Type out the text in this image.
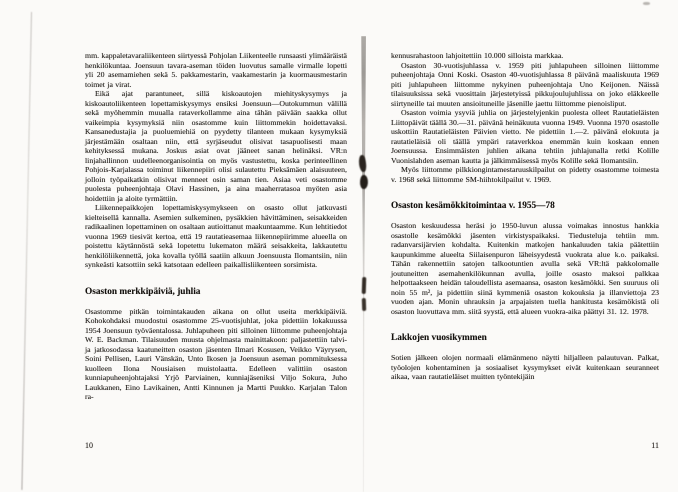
mm. kappaletavaraliikenteen siirtyessä Pohjolan Liikenteelle runsaasti ylimääräistä henkilökuntaa. Joensuun tavara-aseman töiden luovutus samalle virmalle lopetti yli 20 asemamiehen sekä 5. pakkamestarin, vaakamestarin ja kuormausmestarin toimet ja virat.

Eikä ajat parantuneet, sillä kiskoautojen miehityskysymys ja kiskoautoliikenteen lopettamiskysymys ensiksi Joensuun—Outokummun välillä sekä myöhemmin muualla rataverkollamme aina tähän päivään saakka ollut vaikeimpia kysymyksiä niin osastomme kuin liittommekin hoidettavaksi. Kansanedustajia ja puoluemiehiä on pyydetty tilanteen mukaan kysymyksiä järjestämään osaltaan niin, että syrjäseudut olisivat tasapuolisesti maan kehityksessä mukana. Joskus asiat ovat jääneet sanan helinäksi. VR:n linjahallinnon uudelleenorganisointia on myös vastustettu, koska perinteellinen Pohjois-Karjalassa toiminut liikennepiiri olisi sulautettu Pieksämäen alaisuuteen, jolloin työpaikatkin olisivat menneet osin saman tien. Asiaa veti osastomme puolesta puheenjohtaja Olavi Hassinen, ja aina maaherratasoa myöten asia hoidettiin ja aloite tyrmättiin.

Liikennepaikkojen lopettamiskysymykseen on osasto ollut jatkuvasti kielteisellä kannalla. Asemien sulkeminen, pysäkkien hävittäminen, seisakkeiden radikaalinen lopettaminen on osaltaan autioittanut maakuntaamme. Kun lehtitiedot vuonna 1969 tiesivät kertoa, että 19 rautatieasemaa liikennepiirimme alueella on poistettu käytännöstä sekä lopetettu lukematon määrä seisakkeita, lakkautettu henkilöliikennettä, joka kovalla työllä saatiin alkuun Joensuusta Ilomantsiin, niin synkeästi katsottiin sekä katsotaan edelleen paikallisliikenteen sorsimista.

Osaston merkkipäiviä, juhlia

Osastomme pitkän toimintakauden aikana on ollut useita merkkipäiviä. Kohokohdaksi muodostui osastomme 25-vuotisjuhlat, joka pidettiin lokakuussa 1954 Joensuun työväentalossa. Juhlapuheen piti silloinen liittomme puheenjohtaja W. E. Backman. Tilaisuuden muusta ohjelmasta mainittakoon: paljastettiin talvi- ja jatkosodassa kaatuneitten osaston jäsenten Ilmari Kosusen, Veikko Väyrysen, Soini Pellisen, Lauri Vänskän, Unto Ikosen ja Joensuun aseman pommituksessa kuolleen Ilona Nousiaisen muistolaatta. Edelleen valittiin osaston kunniapuheenjohtajaksi Yrjö Parviainen, kunniajäseniksi Viljo Sokura, Juho Laukkanen, Eino Lavikainen, Antti Kinnunen ja Martti Puukko. Karjalan Talon ra-

kennusrahastoon lahjoitettiin 10.000 silloista markkaa.

Osaston 30-vuotisjuhlassa v. 1959 piti juhlapuheen silloinen liittomme puheenjohtaja Onni Koski. Osaston 40-vuotisjuhlassa 8 päivänä maaliskuuta 1969 piti juhlapuheen liittomme nykyinen puheenjohtaja Uno Keijonen. Näissä tilaisuuksissa sekä vuosittain järjestetyissä pikkujoulujuhlissa on joko eläkkeelle siirtyneille tai muuten ansioituneille jäsenille jaettu liittomme pienoisliput.

Osaston voimia ysyviä juhlia on järjestelyjenkin puolesta olleet Rautatieläisten Liittopäivät täällä 30.—31. päivänä heinäkuuta vuonna 1949. Vuonna 1970 osastolle uskottiin Rautatieläisten Päivien vietto. Ne pidettiin 1.—2. päivänä elokuuta ja rautatieläisiä oli täällä ympäri rataverkkoa enemmän kuin koskaan ennen Joensuussa. Ensimmäisten juhlien aikana tehtiin juhlajunalla retki Kolille Vuonislahden aseman kautta ja jälkimmäisessä myös Kolille sekä Ilomantsiin.

Myös liittomme pilkkiongintamestaruuskilpailut on pidetty osastomme toimesta v. 1968 sekä liittomme SM-hiihtokilpailut v. 1969.

Osaston kesämökkitoimintaa v. 1955—78

Osaston keskuudessa heräsi jo 1950-luvun alussa voimakas innostus hankkia osastolle kesämökki jäsenten virkistyspaikaksi. Tiedusteluja tehtiin mm. radanvarsijärvien kohdalta. Kuitenkin matkojen hankaluuden takia päätettiin kaupunkimme alueelta Siilaisenpuron läheisyydestä vuokrata alue k.o. paikaksi. Tähän rakennettiin satojen talkootuntien avulla sekä VR:ltä pakkolomalle joutuneitten asemahenkilökunnan avulla, joille osasto maksoi palkkaa helpottaakseen heidän taloudellista asemaansa, osaston kesämökki. Sen suuruus oli noin 55 m², ja pidettiin siinä kymmeniä osaston kokouksia ja illanviettoja 23 vuoden ajan. Monin uhrauksin ja arpajaisten tuella hankitusta kesämökistä oli osaston luovuttava mm. siitä syystä, että alueen vuokra-aika päättyi 31. 12. 1978.

Lakkojen vuosikymmen

Sotien jälkeen olojen normaali elämänmeno näytti hiljalleen palautuvan. Palkat, työolojen kohentaminen ja sosiaaliset kysymykset eivät kuitenkaan seuranneet aikaa, vaan rautatieläiset muitten työntekijäin

10	11
